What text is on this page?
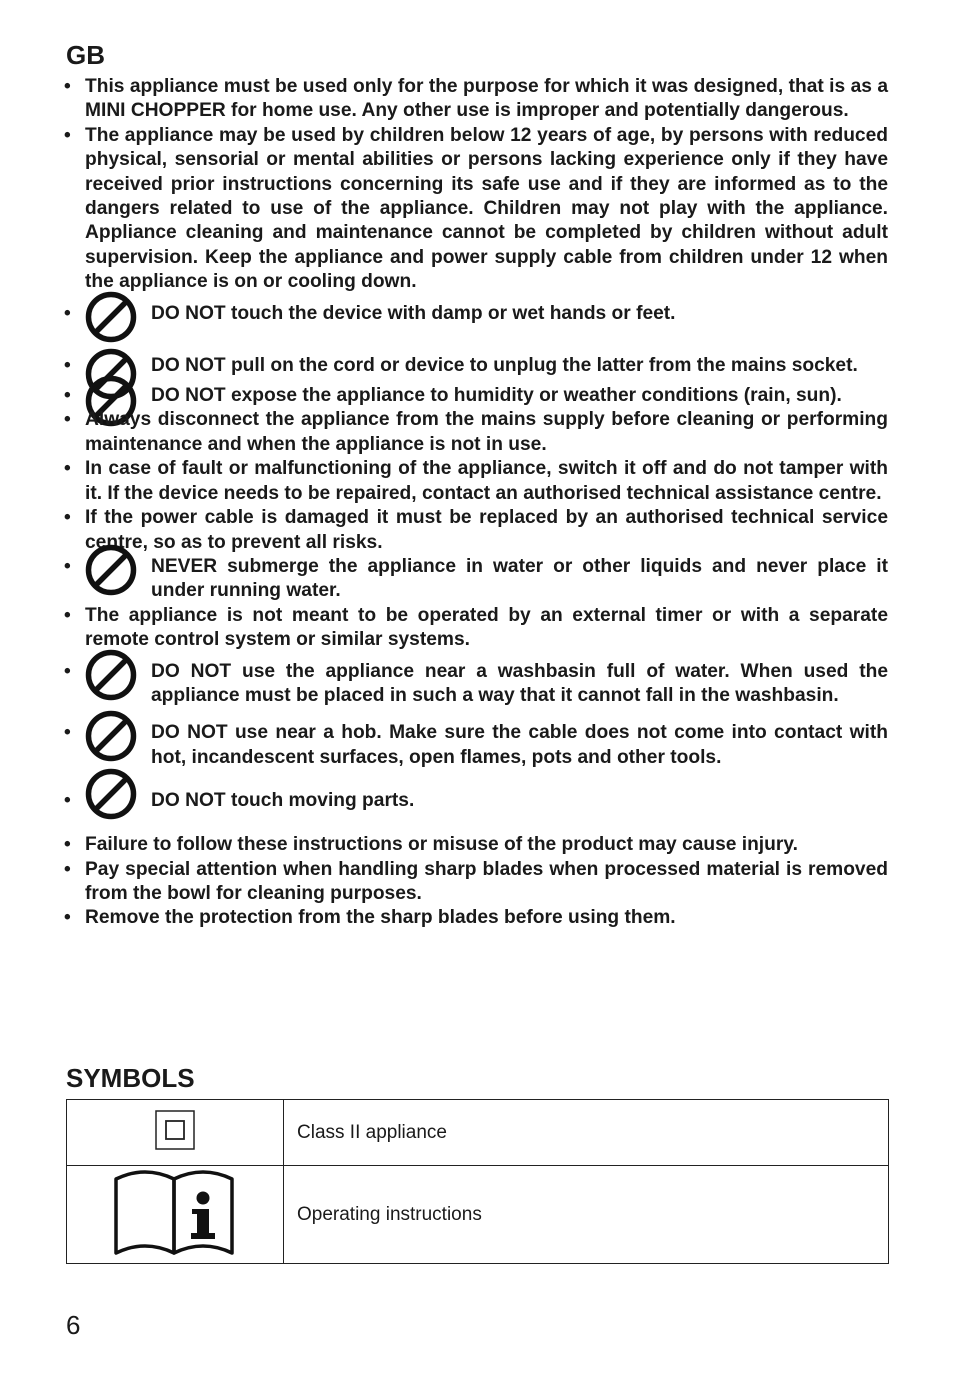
GB
• This appliance must be used only for the purpose for which it was designed, that is as a MINI CHOPPER for home use. Any other use is improper and potentially dangerous.
• The appliance may be used by children below 12 years of age, by persons with reduced physical, sensorial or mental abilities or persons lacking experience only if they have received prior instructions concerning its safe use and if they are informed as to the dangers related to use of the appliance. Children may not play with the appliance. Appliance cleaning and maintenance cannot be completed by children without adult supervision. Keep the appliance and power supply cable from children under 12 when the appliance is on or cooling down.
•	DO NOT touch the device with damp or wet hands or feet.
•	DO NOT pull on the cord or device to unplug the latter from the mains socket.
•	DO NOT expose the appliance to humidity or weather conditions (rain, sun).
• Always disconnect the appliance from the mains supply before cleaning or performing maintenance and when the appliance is not in use.
• In case of fault or malfunctioning of the appliance, switch it off and do not tamper with it. If the device needs to be repaired, contact an authorised technical assistance centre.
• If the power cable is damaged it must be replaced by an authorised technical service centre, so as to prevent all risks.
•	NEVER submerge the appliance in water or other liquids and never place it under running water.
• The appliance is not meant to be operated by an external timer or with a separate remote control system or similar systems.
•	DO NOT use the appliance near a washbasin full of water. When used the appliance must be placed in such a way that it cannot fall in the washbasin.
•	DO NOT use near a hob. Make sure the cable does not come into contact with hot, incandescent surfaces, open flames, pots and other tools.
•	DO NOT touch moving parts.
• Failure to follow these instructions or misuse of the product may cause injury.
• Pay special attention when handling sharp blades when processed material is removed from the bowl for cleaning purposes.
• Remove the protection from the sharp blades before using them.
SYMBOLS
	Class II appliance
	Operating instructions
6
